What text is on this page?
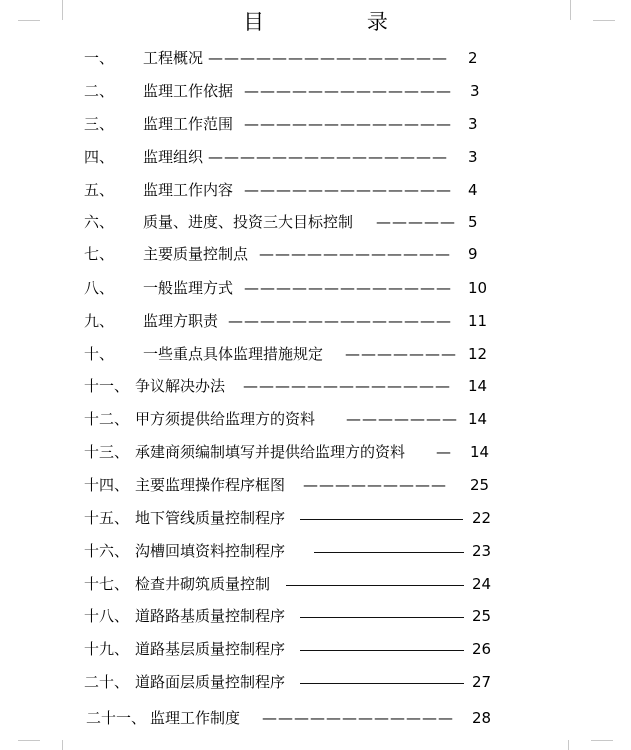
目 录
一、 工程概况 ———————————————	2
二、 监理工作依据 —————————————	3
三、 监理工作范围 —————————————	3
四、 监理组织 ———————————————	3
五、 监理工作内容 —————————————	4
六、 质量、进度、投资三大目标控制 ————— 5
七、 主要质量控制点 ————————————	9
八、 一般监理方式 —————————————	10
九、 监理方职责 ——————————————	11
十、 一些重点具体监理措施规定 ——————— 12
十一、 争议解决办法 —————————————	14
十二、 甲方须提供给监理方的资料 ——————— 14
十三、 承建商须编制填写并提供给监理方的资料 — 14
十四、 主要监理操作程序框图 —————————	25
十五、 地下管线质量控制程序	22
十六、 沟槽回填资料控制程序	23
十七、 检查井砌筑质量控制	24
十八、 道路路基质量控制程序	25
十九、 道路基层质量控制程序	26
二十、 道路面层质量控制程序	27
二十一、 监理工作制度 ———————————— 28
